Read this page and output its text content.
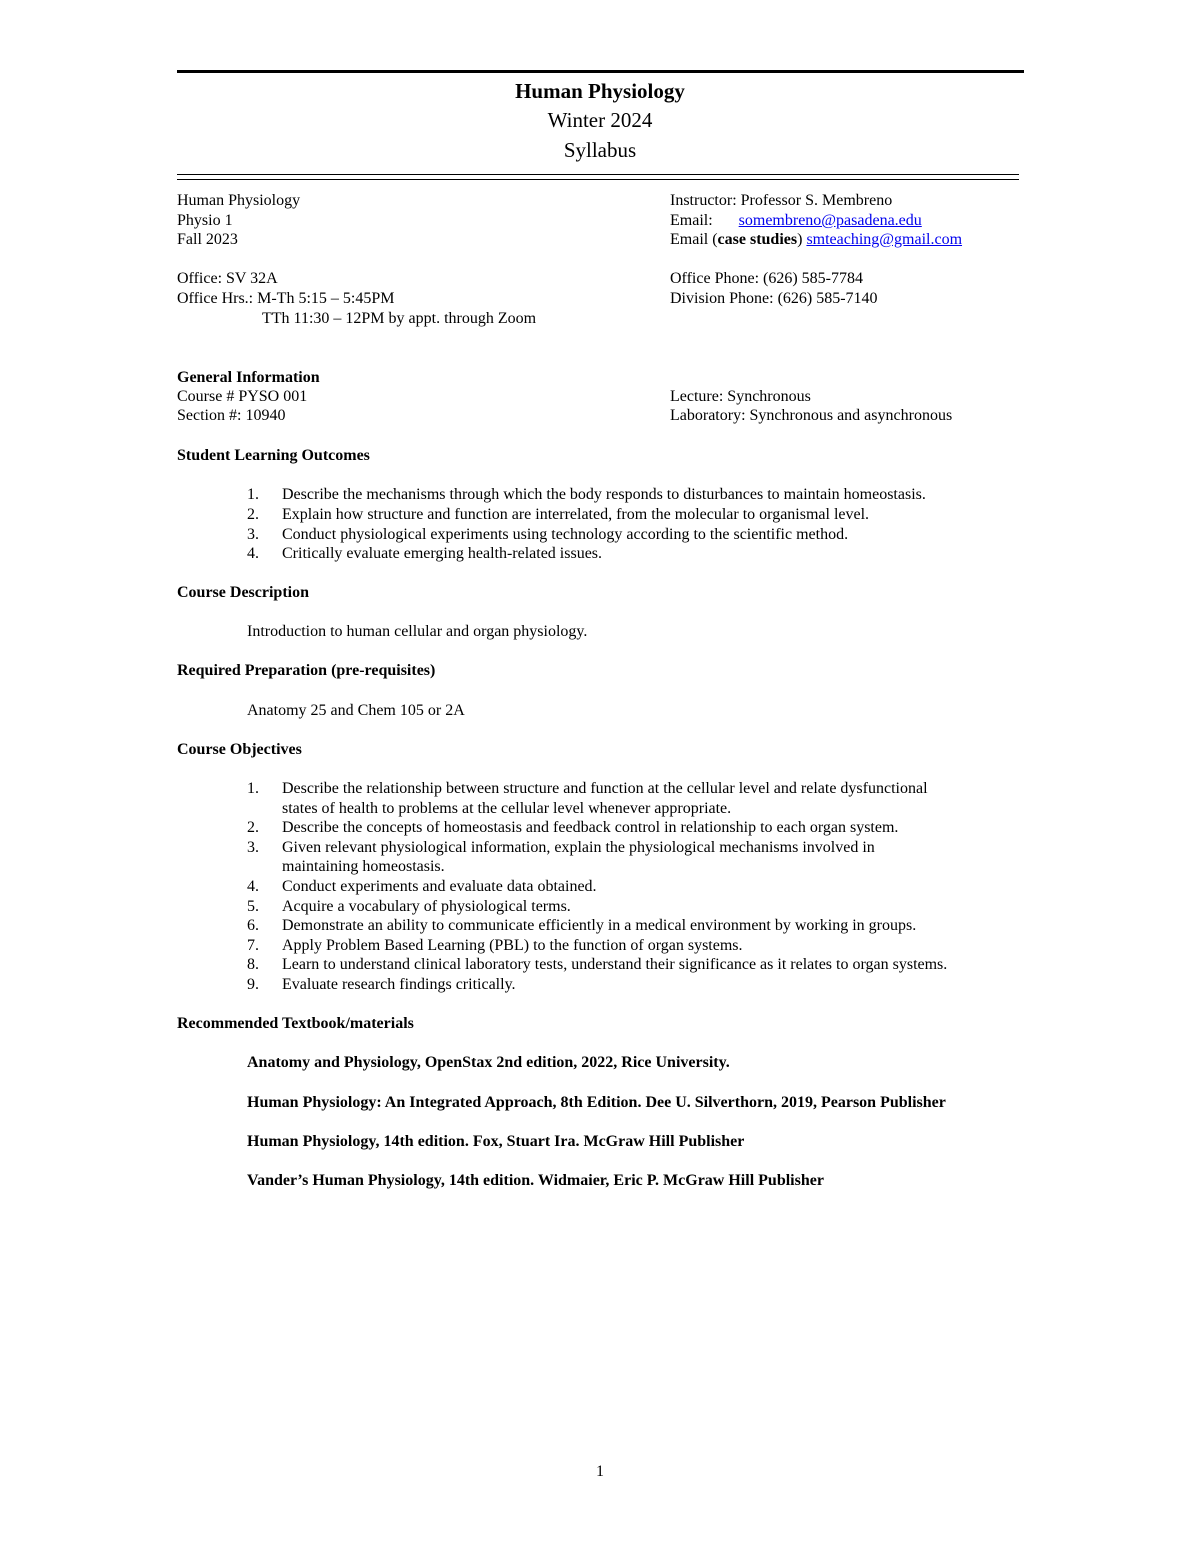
Human Physiology
Winter 2024
Syllabus
Human Physiology
Physio 1
Fall 2023
Office: SV 32A
Office Hrs.: M-Th 5:15 – 5:45PM
TTh 11:30 – 12PM by appt. through Zoom
Instructor: Professor S. Membreno
Email: somembreno@pasadena.edu
Email (case studies) smteaching@gmail.com
Office Phone: (626) 585-7784
Division Phone: (626) 585-7140
General Information
Course # PYSO 001
Section #: 10940
Lecture: Synchronous
Laboratory: Synchronous and asynchronous
Student Learning Outcomes
1.	Describe the mechanisms through which the body responds to disturbances to maintain homeostasis.
2.	Explain how structure and function are interrelated, from the molecular to organismal level.
3.	Conduct physiological experiments using technology according to the scientific method.
4.	Critically evaluate emerging health-related issues.
Course Description
Introduction to human cellular and organ physiology.
Required Preparation (pre-requisites)
Anatomy 25 and Chem 105 or 2A
Course Objectives
1.	Describe the relationship between structure and function at the cellular level and relate dysfunctional
states of health to problems at the cellular level whenever appropriate.
2.	Describe the concepts of homeostasis and feedback control in relationship to each organ system.
3.	Given relevant physiological information, explain the physiological mechanisms involved in
maintaining homeostasis.
4.	Conduct experiments and evaluate data obtained.
5.	Acquire a vocabulary of physiological terms.
6.	Demonstrate an ability to communicate efficiently in a medical environment by working in groups.
7.	Apply Problem Based Learning (PBL) to the function of organ systems.
8.	Learn to understand clinical laboratory tests, understand their significance as it relates to organ systems.
9.	Evaluate research findings critically.
Recommended Textbook/materials
Anatomy and Physiology, OpenStax 2nd edition, 2022, Rice University.
Human Physiology: An Integrated Approach, 8th Edition. Dee U. Silverthorn, 2019, Pearson Publisher
Human Physiology, 14th edition. Fox, Stuart Ira. McGraw Hill Publisher
Vander’s Human Physiology, 14th edition. Widmaier, Eric P. McGraw Hill Publisher
1
